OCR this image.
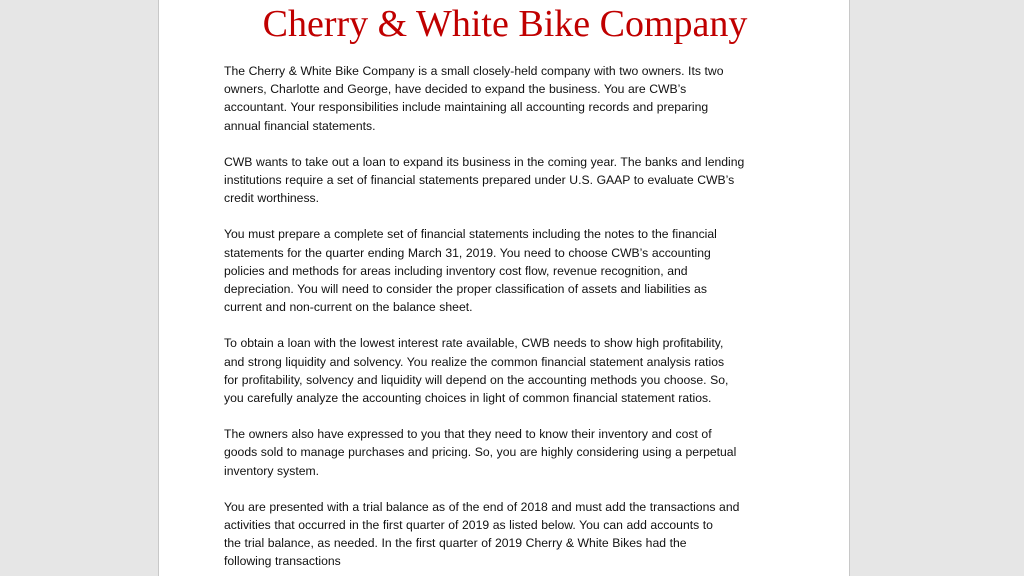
Cherry & White Bike Company

The Cherry & White Bike Company is a small closely-held company with two owners. Its two
owners, Charlotte and George, have decided to expand the business. You are CWB’s
accountant. Your responsibilities include maintaining all accounting records and preparing
annual financial statements.

CWB wants to take out a loan to expand its business in the coming year. The banks and lending
institutions require a set of financial statements prepared under U.S. GAAP to evaluate CWB’s
credit worthiness.

You must prepare a complete set of financial statements including the notes to the financial
statements for the quarter ending March 31, 2019. You need to choose CWB’s accounting
policies and methods for areas including inventory cost flow, revenue recognition, and
depreciation. You will need to consider the proper classification of assets and liabilities as
current and non-current on the balance sheet.

To obtain a loan with the lowest interest rate available, CWB needs to show high profitability,
and strong liquidity and solvency. You realize the common financial statement analysis ratios
for profitability, solvency and liquidity will depend on the accounting methods you choose. So,
you carefully analyze the accounting choices in light of common financial statement ratios.

The owners also have expressed to you that they need to know their inventory and cost of
goods sold to manage purchases and pricing. So, you are highly considering using a perpetual
inventory system.

You are presented with a trial balance as of the end of 2018 and must add the transactions and
activities that occurred in the first quarter of 2019 as listed below. You can add accounts to
the trial balance, as needed. In the first quarter of 2019 Cherry & White Bikes had the
following transactions
